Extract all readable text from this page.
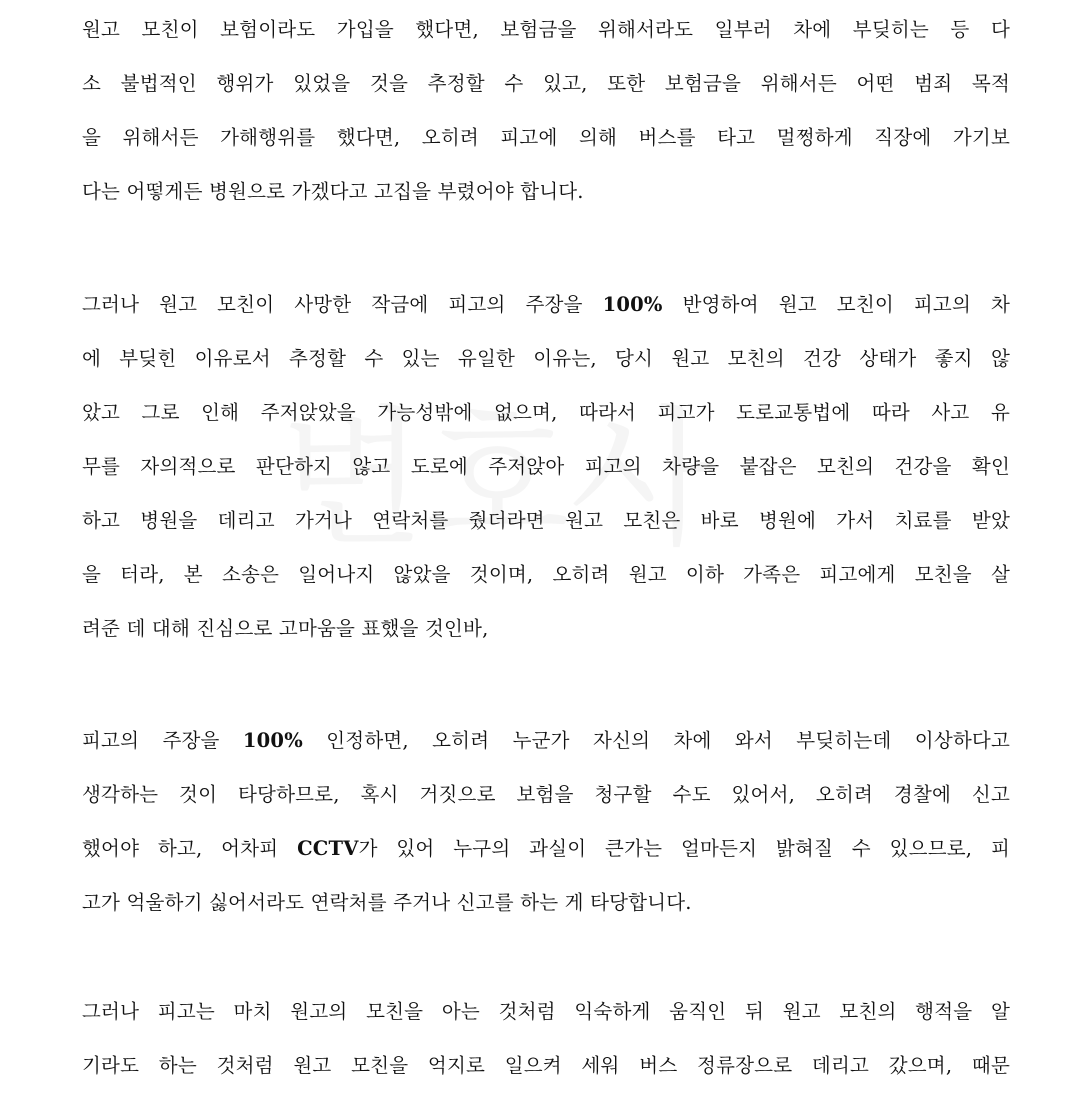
원고 모친이 보험이라도 가입을 했다면, 보험금을 위해서라도 일부러 차에 부딪히는 등 다
소 불법적인 행위가 있었을 것을 추정할 수 있고, 또한 보험금을 위해서든 어떤 범죄 목적
을 위해서든 가해행위를 했다면, 오히려 피고에 의해 버스를 타고 멀쩡하게 직장에 가기보
다는 어떻게든 병원으로 가겠다고 고집을 부렸어야 합니다.
그러나 원고 모친이 사망한 작금에 피고의 주장을 100% 반영하여 원고 모친이 피고의 차
에 부딪힌 이유로서 추정할 수 있는 유일한 이유는, 당시 원고 모친의 건강 상태가 좋지 않
았고 그로 인해 주저앉았을 가능성밖에 없으며, 따라서 피고가 도로교통법에 따라 사고 유
무를 자의적으로 판단하지 않고 도로에 주저앉아 피고의 차량을 붙잡은 모친의 건강을 확인
하고 병원을 데리고 가거나 연락처를 줬더라면 원고 모친은 바로 병원에 가서 치료를 받았
을 터라, 본 소송은 일어나지 않았을 것이며, 오히려 원고 이하 가족은 피고에게 모친을 살
려준 데 대해 진심으로 고마움을 표했을 것인바,
피고의 주장을 100% 인정하면, 오히려 누군가 자신의 차에 와서 부딪히는데 이상하다고
생각하는 것이 타당하므로, 혹시 거짓으로 보험을 청구할 수도 있어서, 오히려 경찰에 신고
했어야 하고, 어차피 CCTV가 있어 누구의 과실이 큰가는 얼마든지 밝혀질 수 있으므로, 피
고가 억울하기 싫어서라도 연락처를 주거나 신고를 하는 게 타당합니다.
그러나 피고는 마치 원고의 모친을 아는 것처럼 익숙하게 움직인 뒤 원고 모친의 행적을 알
기라도 하는 것처럼 원고 모친을 억지로 일으켜 세워 버스 정류장으로 데리고 갔으며, 때문
